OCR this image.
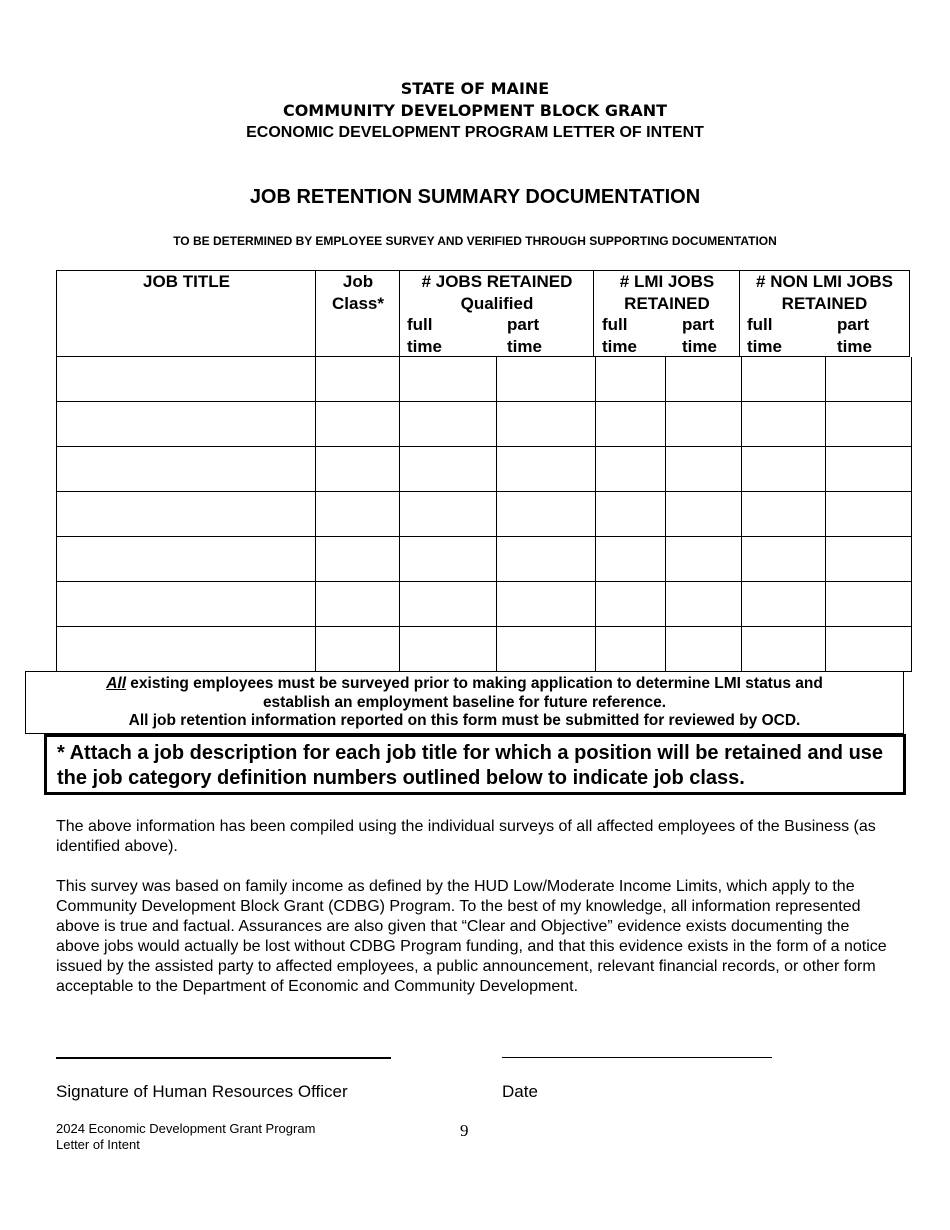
STATE OF MAINE
COMMUNITY DEVELOPMENT BLOCK GRANT
ECONOMIC DEVELOPMENT PROGRAM LETTER OF INTENT
JOB RETENTION SUMMARY DOCUMENTATION
TO BE DETERMINED BY EMPLOYEE SURVEY AND VERIFIED THROUGH SUPPORTING DOCUMENTATION
JOB TITLE	Job
Class*
# JOBS RETAINED
Qualified
full
time
part
time
# LMI JOBS
RETAINED
full
time
part
time
# NON LMI JOBS
RETAINED
full
time
part
time
All existing employees must be surveyed prior to making application to determine LMI status and
establish an employment baseline for future reference.
All job retention information reported on this form must be submitted for reviewed by OCD.
* Attach a job description for each job title for which a position will be retained and use the job category definition numbers outlined below to indicate job class.
The above information has been compiled using the individual surveys of all affected employees of the Business (as identified above).
This survey was based on family income as defined by the HUD Low/Moderate Income Limits, which apply to the Community Development Block Grant (CDBG) Program. To the best of my knowledge, all information represented above is true and factual. Assurances are also given that “Clear and Objective” evidence exists documenting the above jobs would actually be lost without CDBG Program funding, and that this evidence exists in the form of a notice issued by the assisted party to affected employees, a public announcement, relevant financial records, or other form acceptable to the Department of Economic and Community Development.
Signature of Human Resources Officer	Date
2024 Economic Development Grant Program
Letter of Intent
9
